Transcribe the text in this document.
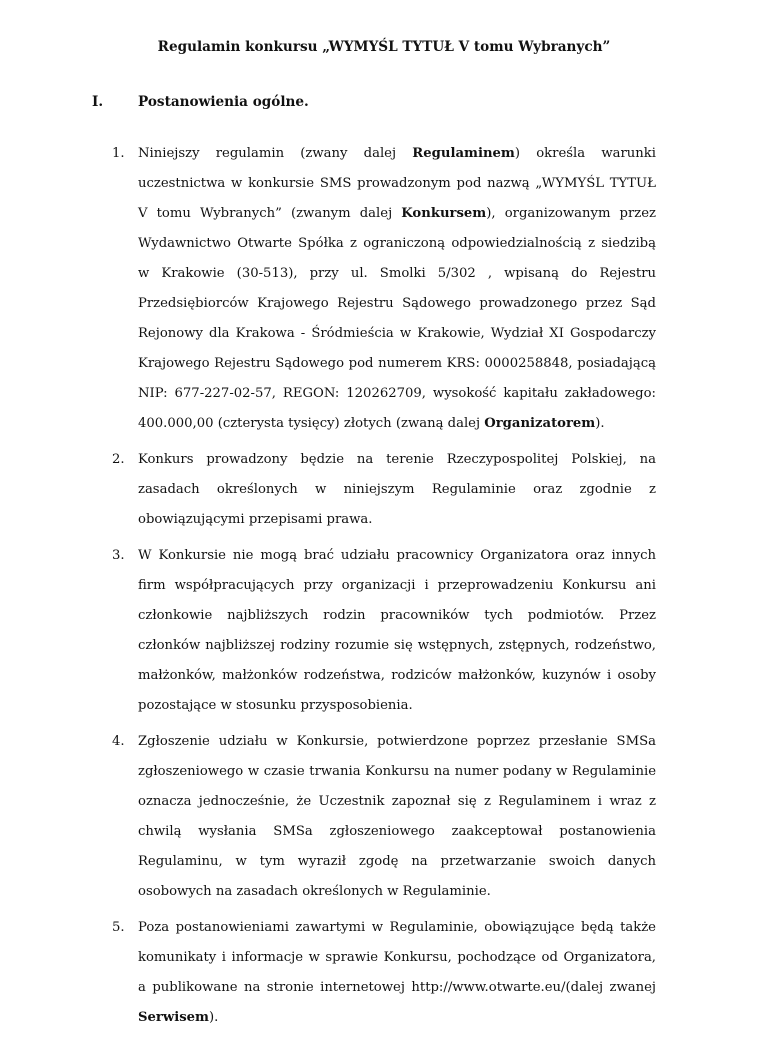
Regulamin konkursu „WYMYŚL TYTUŁ V tomu Wybranych”
I.	Postanowienia ogólne.
1. Niniejszy regulamin (zwany dalej Regulaminem) określa warunki uczestnictwa w konkursie SMS prowadzonym pod nazwą „WYMYŚL TYTUŁ V tomu Wybranych” (zwanym dalej Konkursem), organizowanym przez Wydawnictwo Otwarte Spółka z ograniczoną odpowiedzialnością z siedzibą w Krakowie (30-513), przy ul. Smolki 5/302 , wpisaną do Rejestru Przedsiębiorców Krajowego Rejestru Sądowego prowadzonego przez Sąd Rejonowy dla Krakowa - Śródmieścia w Krakowie, Wydział XI Gospodarczy Krajowego Rejestru Sądowego pod numerem KRS: 0000258848, posiadającą NIP: 677-227-02-57, REGON: 120262709, wysokość kapitału zakładowego: 400.000,00 (czterysta tysięcy) złotych (zwaną dalej Organizatorem).
2. Konkurs prowadzony będzie na terenie Rzeczypospolitej Polskiej, na zasadach określonych w niniejszym Regulaminie oraz zgodnie z obowiązującymi przepisami prawa.
3. W Konkursie nie mogą brać udziału pracownicy Organizatora oraz innych firm współpracujących przy organizacji i przeprowadzeniu Konkursu ani członkowie najbliższych rodzin pracowników tych podmiotów. Przez członków najbliższej rodziny rozumie się wstępnych, zstępnych, rodzeństwo, małżonków, małżonków rodzeństwa, rodziców małżonków, kuzynów i osoby pozostające w stosunku przysposobienia.
4. Zgłoszenie udziału w Konkursie, potwierdzone poprzez przesłanie SMSa zgłoszeniowego w czasie trwania Konkursu na numer podany w Regulaminie oznacza jednocześnie, że Uczestnik zapoznał się z Regulaminem i wraz z chwilą wysłania SMSa zgłoszeniowego zaakceptował postanowienia Regulaminu, w tym wyraził zgodę na przetwarzanie swoich danych osobowych na zasadach określonych w Regulaminie.
5. Poza postanowieniami zawartymi w Regulaminie, obowiązujące będą także komunikaty i informacje w sprawie Konkursu, pochodzące od Organizatora, a publikowane na stronie internetowej http://www.otwarte.eu/(dalej zwanej Serwisem).
